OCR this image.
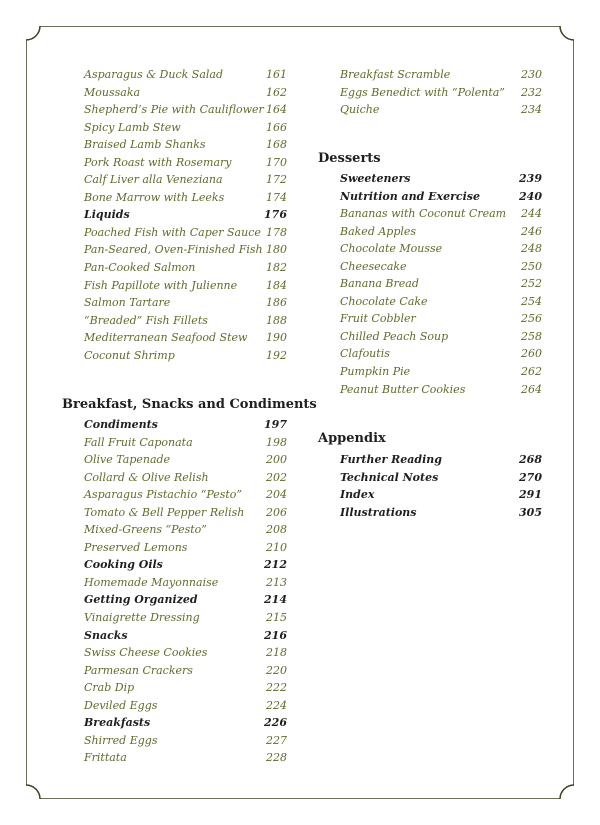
Asparagus & Duck Salad	161
Moussaka	162
Shepherd’s Pie with Cauliflower 164
Spicy Lamb Stew	166
Braised Lamb Shanks	168
Pork Roast with Rosemary	170
Calf Liver alla Veneziana	172
Bone Marrow with Leeks	174
Liquids	176
Poached Fish with Caper Sauce 178
Pan-Seared, Oven-Finished Fish 180
Pan-Cooked Salmon	182
Fish Papillote with Julienne	184
Salmon Tartare	186
“Breaded” Fish Fillets	188
Mediterranean Seafood Stew 190
Coconut Shrimp	192
Breakfast, Snacks and Condiments
Condiments	197
Fall Fruit Caponata	198
Olive Tapenade	200
Collard & Olive Relish	202
Asparagus Pistachio “Pesto” 204
Tomato & Bell Pepper Relish 206
Mixed-Greens “Pesto”	208
Preserved Lemons	210
Cooking Oils	212
Homemade Mayonnaise	213
Getting Organized	214
Vinaigrette Dressing	215
Snacks	216
Swiss Cheese Cookies	218
Parmesan Crackers	220
Crab Dip	222
Deviled Eggs	224
Breakfasts	226
Shirred Eggs	227
Frittata	228
Breakfast Scramble	230
Eggs Benedict with “Polenta” 232
Quiche	234
Desserts
Sweeteners	239
Nutrition and Exercise	240
Bananas with Coconut Cream 244
Baked Apples	246
Chocolate Mousse	248
Cheesecake	250
Banana Bread	252
Chocolate Cake	254
Fruit Cobbler	256
Chilled Peach Soup	258
Clafoutis	260
Pumpkin Pie	262
Peanut Butter Cookies	264
Appendix
Further Reading	268
Technical Notes	270
Index	291
Illustrations	305
